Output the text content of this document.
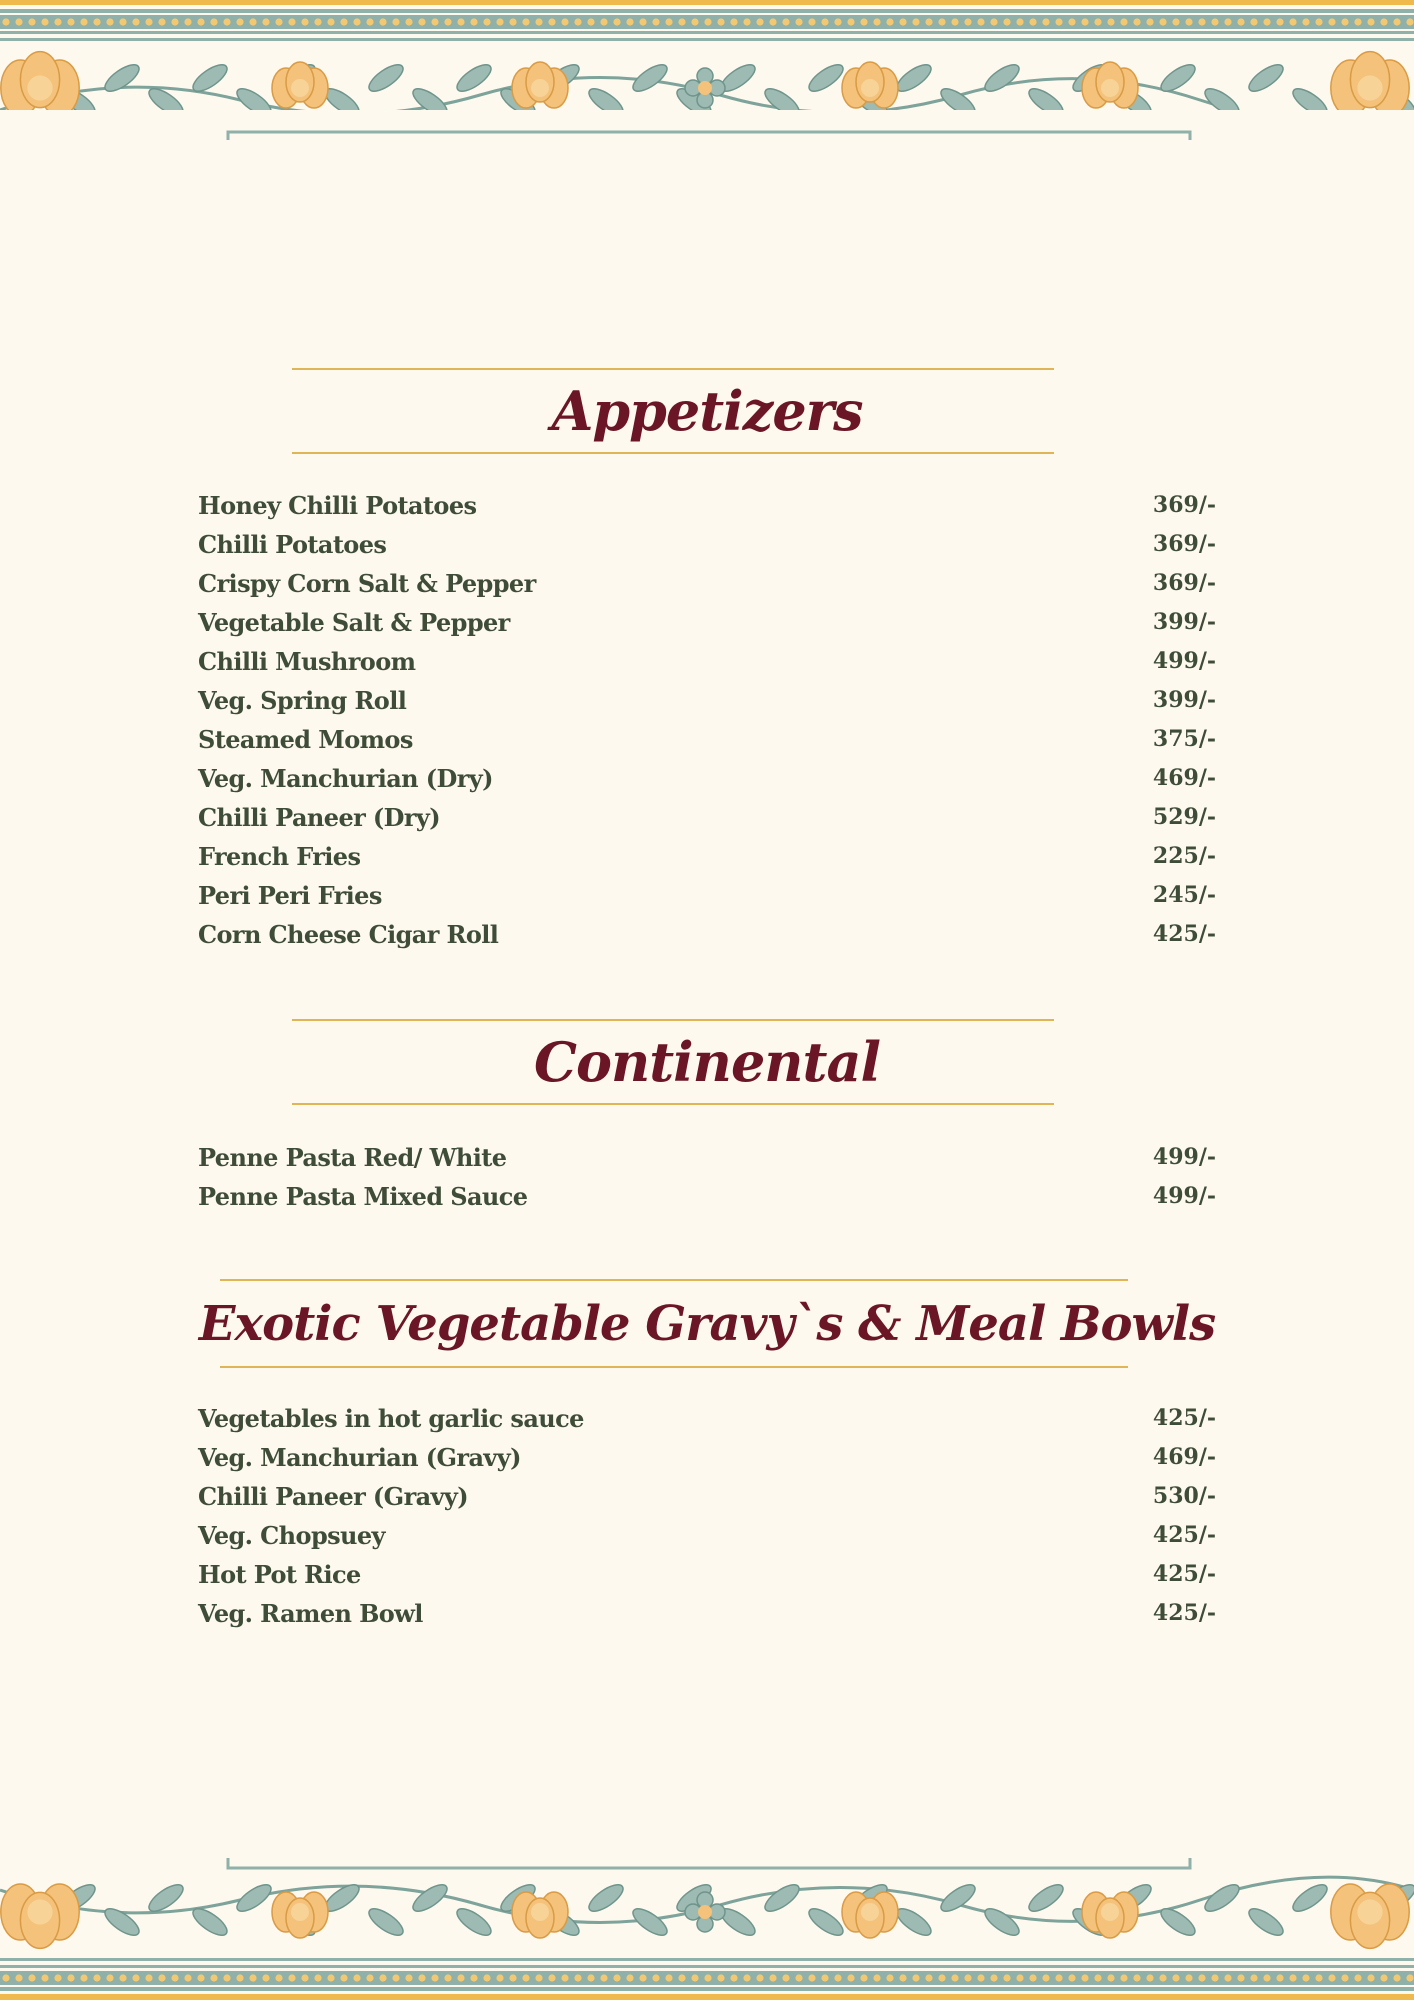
Appetizers
Honey Chilli Potatoes	369/-
Chilli Potatoes	369/-
Crispy Corn Salt & Pepper	369/-
Vegetable Salt & Pepper	399/-
Chilli Mushroom	499/-
Veg. Spring Roll	399/-
Steamed Momos	375/-
Veg. Manchurian (Dry)	469/-
Chilli Paneer (Dry)	529/-
French Fries	225/-
Peri Peri Fries	245/-
Corn Cheese Cigar Roll	425/-
Continental
Penne Pasta Red/ White	499/-
Penne Pasta Mixed Sauce	499/-
Exotic Vegetable Gravy`s & Meal Bowls
Vegetables in hot garlic sauce	425/-
Veg. Manchurian (Gravy)	469/-
Chilli Paneer (Gravy)	530/-
Veg. Chopsuey	425/-
Hot Pot Rice	425/-
Veg. Ramen Bowl	425/-
